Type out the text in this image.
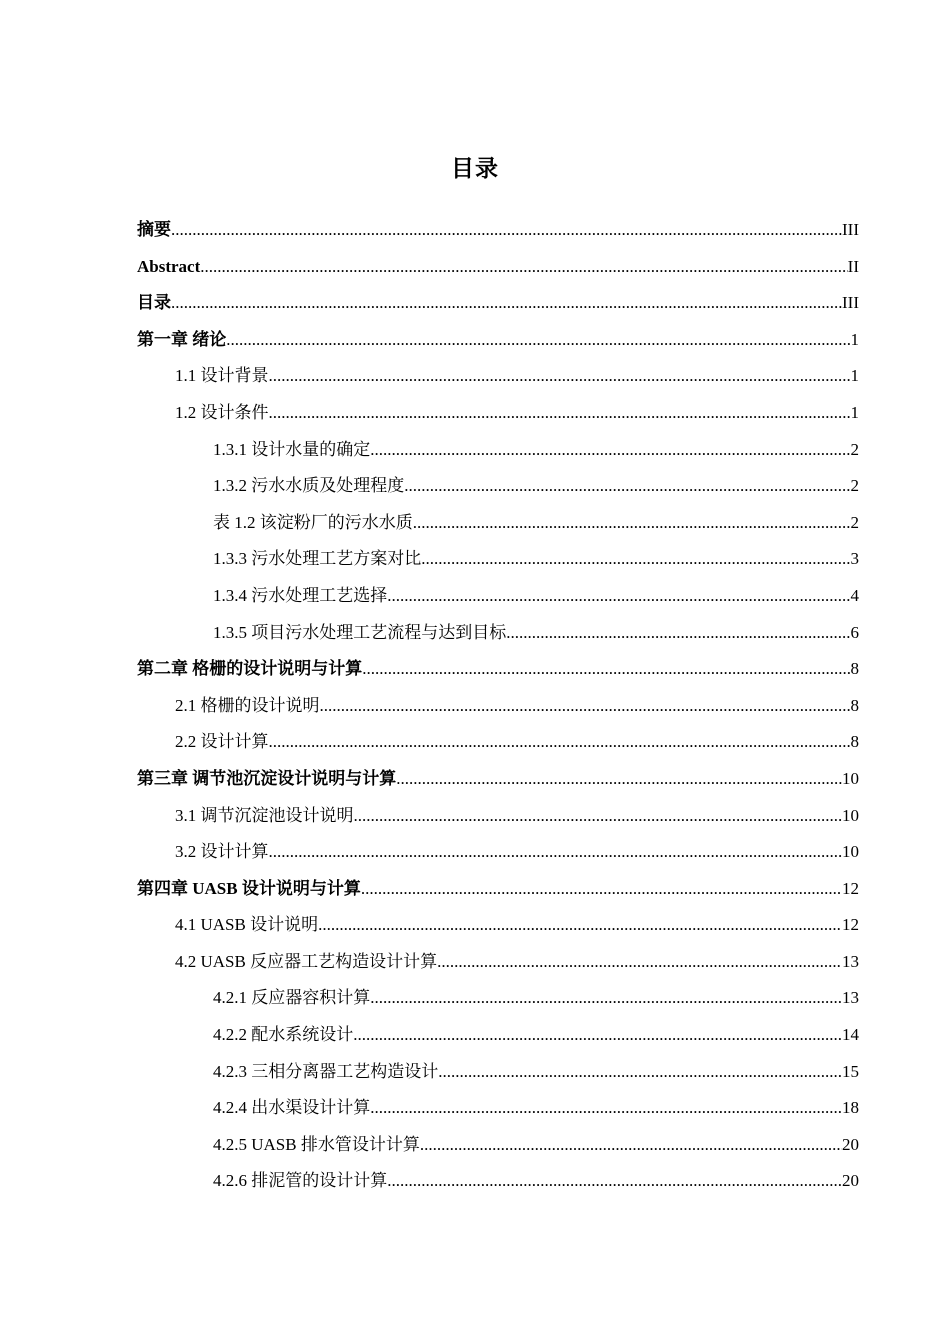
目录
摘要 .....	III
Abstract .....	II
目录 .....	III
第一章 绪论 .....	1
1.1 设计背景 .....	1
1.2 设计条件 .....	1
1.3.1 设计水量的确定 .....	2
1.3.2 污水水质及处理程度 .....	2
表 1.2 该淀粉厂的污水水质 .....	2
1.3.3 污水处理工艺方案对比 .....	3
1.3.4 污水处理工艺选择 .....	4
1.3.5 项目污水处理工艺流程与达到目标 .....	6
第二章 格栅的设计说明与计算 .....	8
2.1 格栅的设计说明 .....	8
2.2 设计计算 .....	8
第三章 调节池沉淀设计说明与计算 .....	10
3.1 调节沉淀池设计说明 .....	10
3.2 设计计算 .....	10
第四章 UASB 设计说明与计算 .....	12
4.1 UASB 设计说明 .....	12
4.2 UASB 反应器工艺构造设计计算 .....	13
4.2.1 反应器容积计算 .....	13
4.2.2 配水系统设计 .....	14
4.2.3 三相分离器工艺构造设计 .....	15
4.2.4 出水渠设计计算 .....	18
4.2.5 UASB 排水管设计计算 .....	20
4.2.6 排泥管的设计计算 .....	20
